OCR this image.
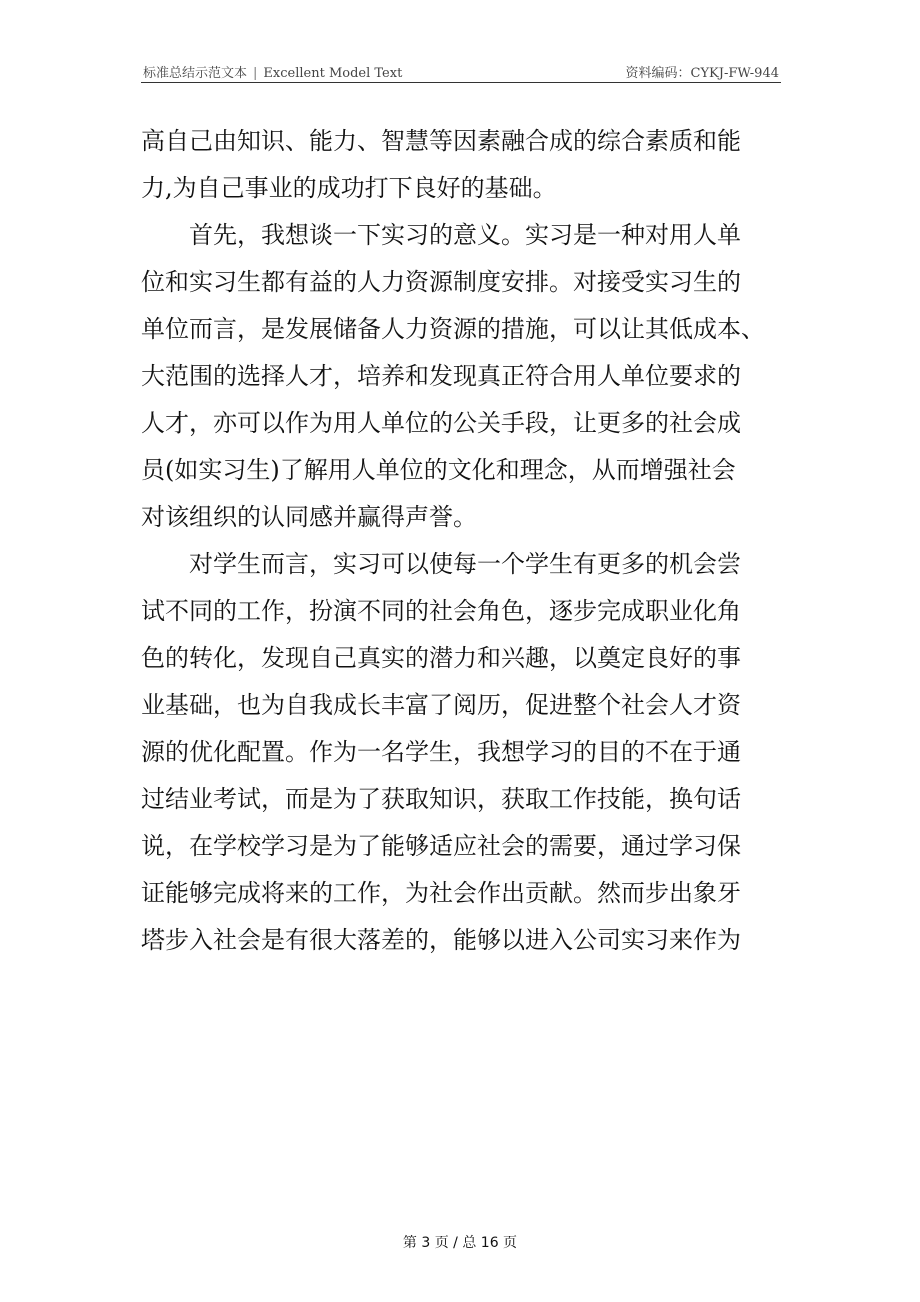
标准总结示范文本 | Excellent Model Text	资料编码：CYKJ-FW-944
高自己由知识、能力、智慧等因素融合成的综合素质和能
力,为自己事业的成功打下良好的基础。
　　首先，我想谈一下实习的意义。实习是一种对用人单
位和实习生都有益的人力资源制度安排。对接受实习生的
单位而言，是发展储备人力资源的措施，可以让其低成本、
大范围的选择人才，培养和发现真正符合用人单位要求的
人才，亦可以作为用人单位的公关手段，让更多的社会成
员(如实习生)了解用人单位的文化和理念，从而增强社会
对该组织的认同感并赢得声誉。
　　对学生而言，实习可以使每一个学生有更多的机会尝
试不同的工作，扮演不同的社会角色，逐步完成职业化角
色的转化，发现自己真实的潜力和兴趣，以奠定良好的事
业基础，也为自我成长丰富了阅历，促进整个社会人才资
源的优化配置。作为一名学生，我想学习的目的不在于通
过结业考试，而是为了获取知识，获取工作技能，换句话
说，在学校学习是为了能够适应社会的需要，通过学习保
证能够完成将来的工作，为社会作出贡献。然而步出象牙
塔步入社会是有很大落差的，能够以进入公司实习来作为
第 3 页 / 总 16 页
